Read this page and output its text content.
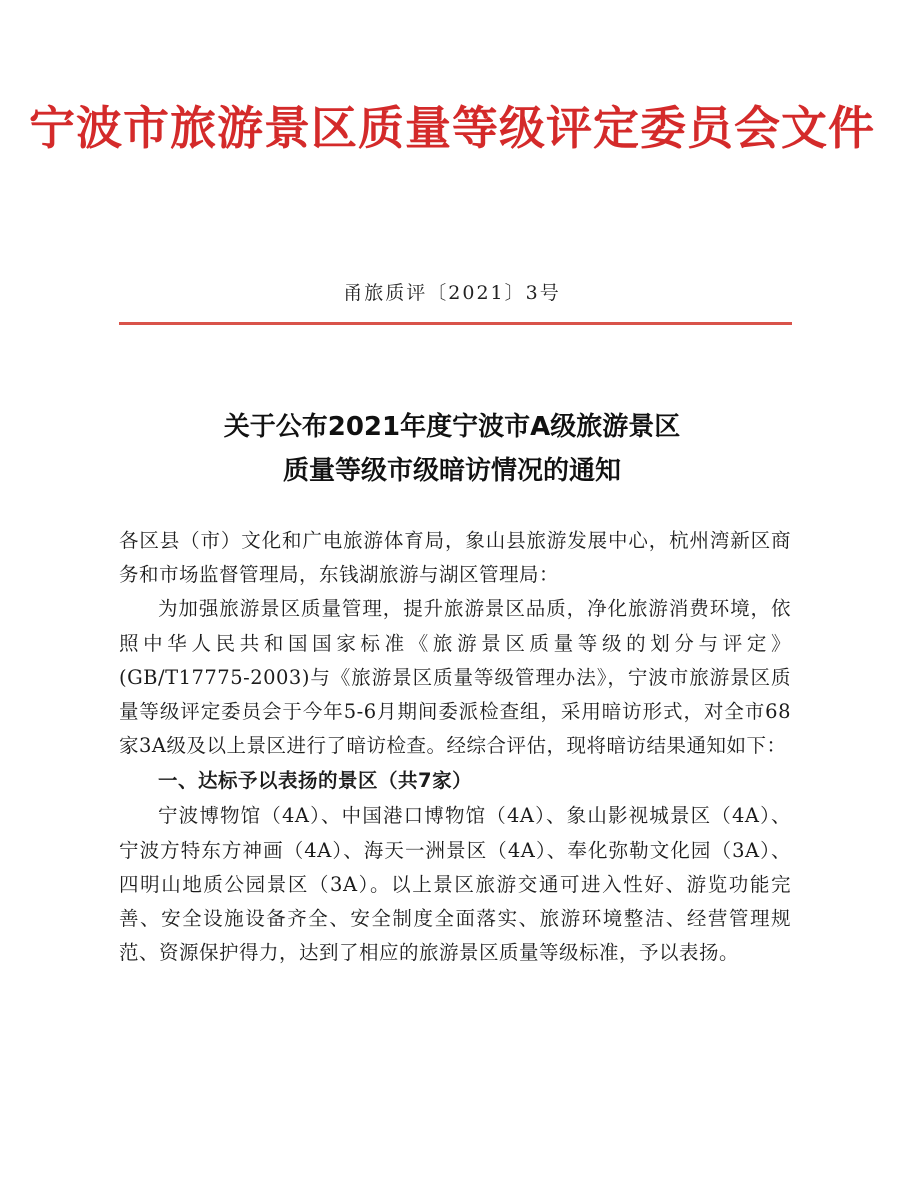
宁波市旅游景区质量等级评定委员会文件
甬旅质评〔2021〕3号
关于公布2021年度宁波市A级旅游景区
质量等级市级暗访情况的通知

各区县（市）文化和广电旅游体育局，象山县旅游发展中心，杭州湾新区商务和市场监督管理局，东钱湖旅游与湖区管理局：

为加强旅游景区质量管理，提升旅游景区品质，净化旅游消费环境，依照中华人民共和国国家标准《旅游景区质量等级的划分与评定》(GB/T17775-2003)与《旅游景区质量等级管理办法》，宁波市旅游景区质量等级评定委员会于今年5-6月期间委派检查组，采用暗访形式，对全市68家3A级及以上景区进行了暗访检查。经综合评估，现将暗访结果通知如下：

一、达标予以表扬的景区（共7家）

宁波博物馆（4A）、中国港口博物馆（4A）、象山影视城景区（4A）、宁波方特东方神画（4A）、海天一洲景区（4A）、奉化弥勒文化园（3A）、四明山地质公园景区（3A）。以上景区旅游交通可进入性好、游览功能完善、安全设施设备齐全、安全制度全面落实、旅游环境整洁、经营管理规范、资源保护得力，达到了相应的旅游景区质量等级标准，予以表扬。
